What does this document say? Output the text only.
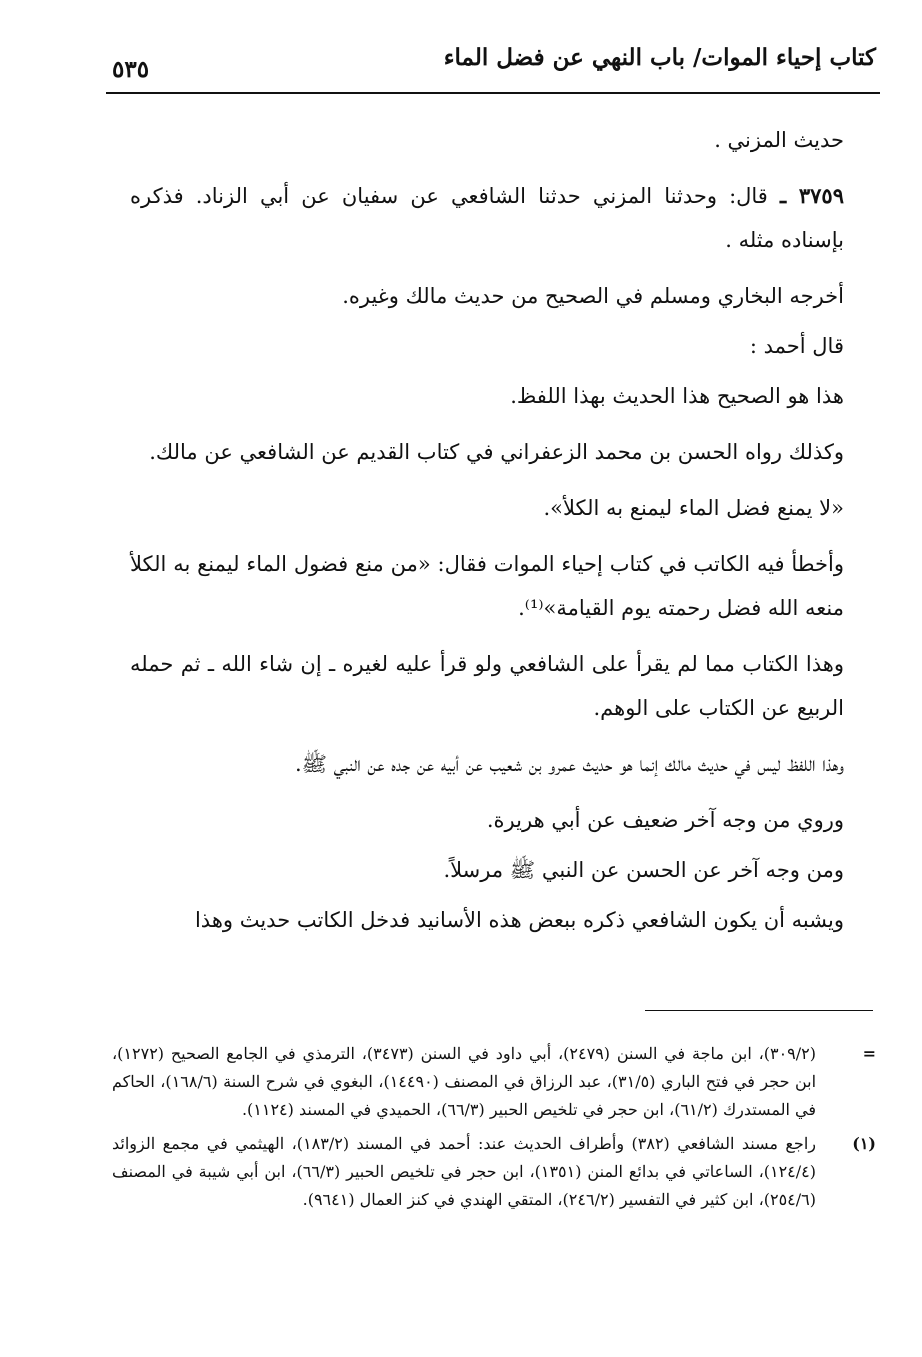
كتاب إحياء الموات/ باب النهي عن فضل الماء
٥٣٥

حديث المزني .

٣٧٥٩ ـ قال: وحدثنا المزني حدثنا الشافعي عن سفيان عن أبي الزناد. فذكره بإسناده مثله .

أخرجه البخاري ومسلم في الصحيح من حديث مالك وغيره.

قال أحمد :

هذا هو الصحيح هذا الحديث بهذا اللفظ.

وكذلك رواه الحسن بن محمد الزعفراني في كتاب القديم عن الشافعي عن مالك.

«لا يمنع فضل الماء ليمنع به الكلأ».

وأخطأ فيه الكاتب في كتاب إحياء الموات فقال: «من منع فضول الماء ليمنع به الكلأ منعه الله فضل رحمته يوم القيامة»⁽¹⁾.

وهذا الكتاب مما لم يقرأ على الشافعي ولو قرأ عليه لغيره ـ إن شاء الله ـ ثم حمله الربيع عن الكتاب على الوهم.

وهذا اللفظ ليس في حديث مالك إنما هو حديث عمرو بن شعيب عن أبيه عن جده عن النبي ﷺ.

وروي من وجه آخر ضعيف عن أبي هريرة.

ومن وجه آخر عن الحسن عن النبي ﷺ مرسلاً.

ويشبه أن يكون الشافعي ذكره ببعض هذه الأسانيد فدخل الكاتب حديث وهذا

=
(٣٠٩/٢)، ابن ماجة في السنن (٢٤٧٩)، أبي داود في السنن (٣٤٧٣)، الترمذي في الجامع الصحيح (١٢٧٢)، ابن حجر في فتح الباري (٣١/٥)، عبد الرزاق في المصنف (١٤٤٩٠)، البغوي في شرح السنة (١٦٨/٦)، الحاكم في المستدرك (٦١/٢)، ابن حجر في تلخيص الحبير (٦٦/٣)، الحميدي في المسند (١١٢٤).
(١)
راجع مسند الشافعي (٣٨٢) وأطراف الحديث عند: أحمد في المسند (١٨٣/٢)، الهيثمي في مجمع الزوائد (١٢٤/٤)، الساعاتي في بدائع المنن (١٣٥١)، ابن حجر في تلخيص الحبير (٦٦/٣)، ابن أبي شيبة في المصنف (٢٥٤/٦)، ابن كثير في التفسير (٢٤٦/٢)، المتقي الهندي في كنز العمال (٩٦٤١).
